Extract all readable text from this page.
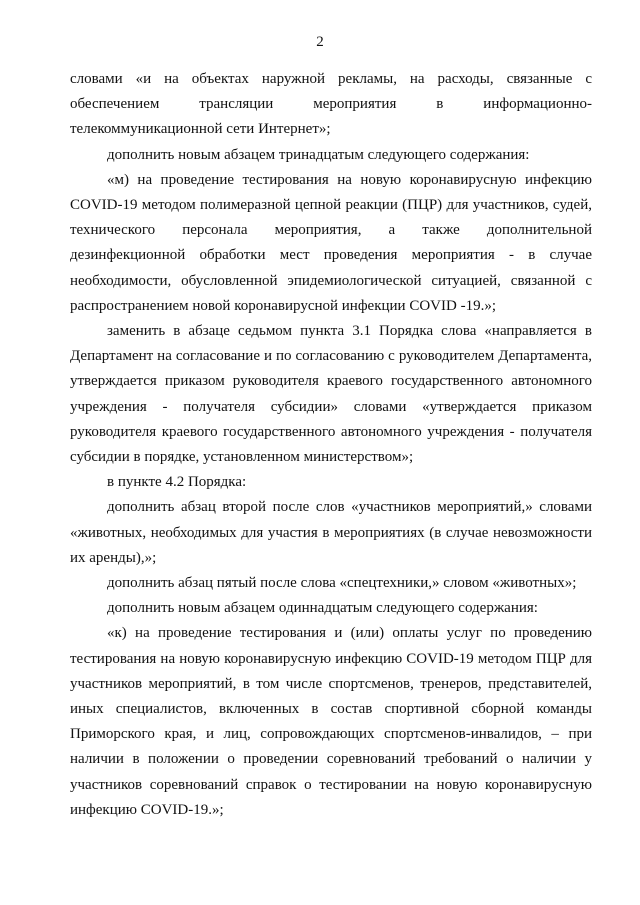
2

словами «и на объектах наружной рекламы, на расходы, связанные с обеспечением трансляции мероприятия в информационно-телекоммуникационной сети Интернет»;

дополнить новым абзацем тринадцатым следующего содержания:

«м) на проведение тестирования на новую коронавирусную инфекцию COVID-19 методом полимеразной цепной реакции (ПЦР) для участников, судей, технического персонала мероприятия, а также дополнительной дезинфекционной обработки мест проведения мероприятия - в случае необходимости, обусловленной эпидемиологической ситуацией, связанной с распространением новой коронавирусной инфекции COVID -19.»;

заменить в абзаце седьмом пункта 3.1 Порядка слова «направляется в Департамент на согласование и по согласованию с руководителем Департамента, утверждается приказом руководителя краевого государственного автономного учреждения - получателя субсидии» словами «утверждается приказом руководителя краевого государственного автономного учреждения - получателя субсидии в порядке, установленном министерством»;

в пункте 4.2 Порядка:

дополнить абзац второй после слов «участников мероприятий,» словами «животных, необходимых для участия в мероприятиях (в случае невозможности их аренды),»;

дополнить абзац пятый после слова «спецтехники,» словом «животных»;

дополнить новым абзацем одиннадцатым следующего содержания:

«к) на проведение тестирования и (или) оплаты услуг по проведению тестирования на новую коронавирусную инфекцию COVID-19 методом ПЦР для участников мероприятий, в том числе спортсменов, тренеров, представителей, иных специалистов, включенных в состав спортивной сборной команды Приморского края, и лиц, сопровождающих спортсменов-инвалидов, – при наличии в положении о проведении соревнований требований о наличии у участников соревнований справок о тестировании на новую коронавирусную инфекцию COVID-19.»;
